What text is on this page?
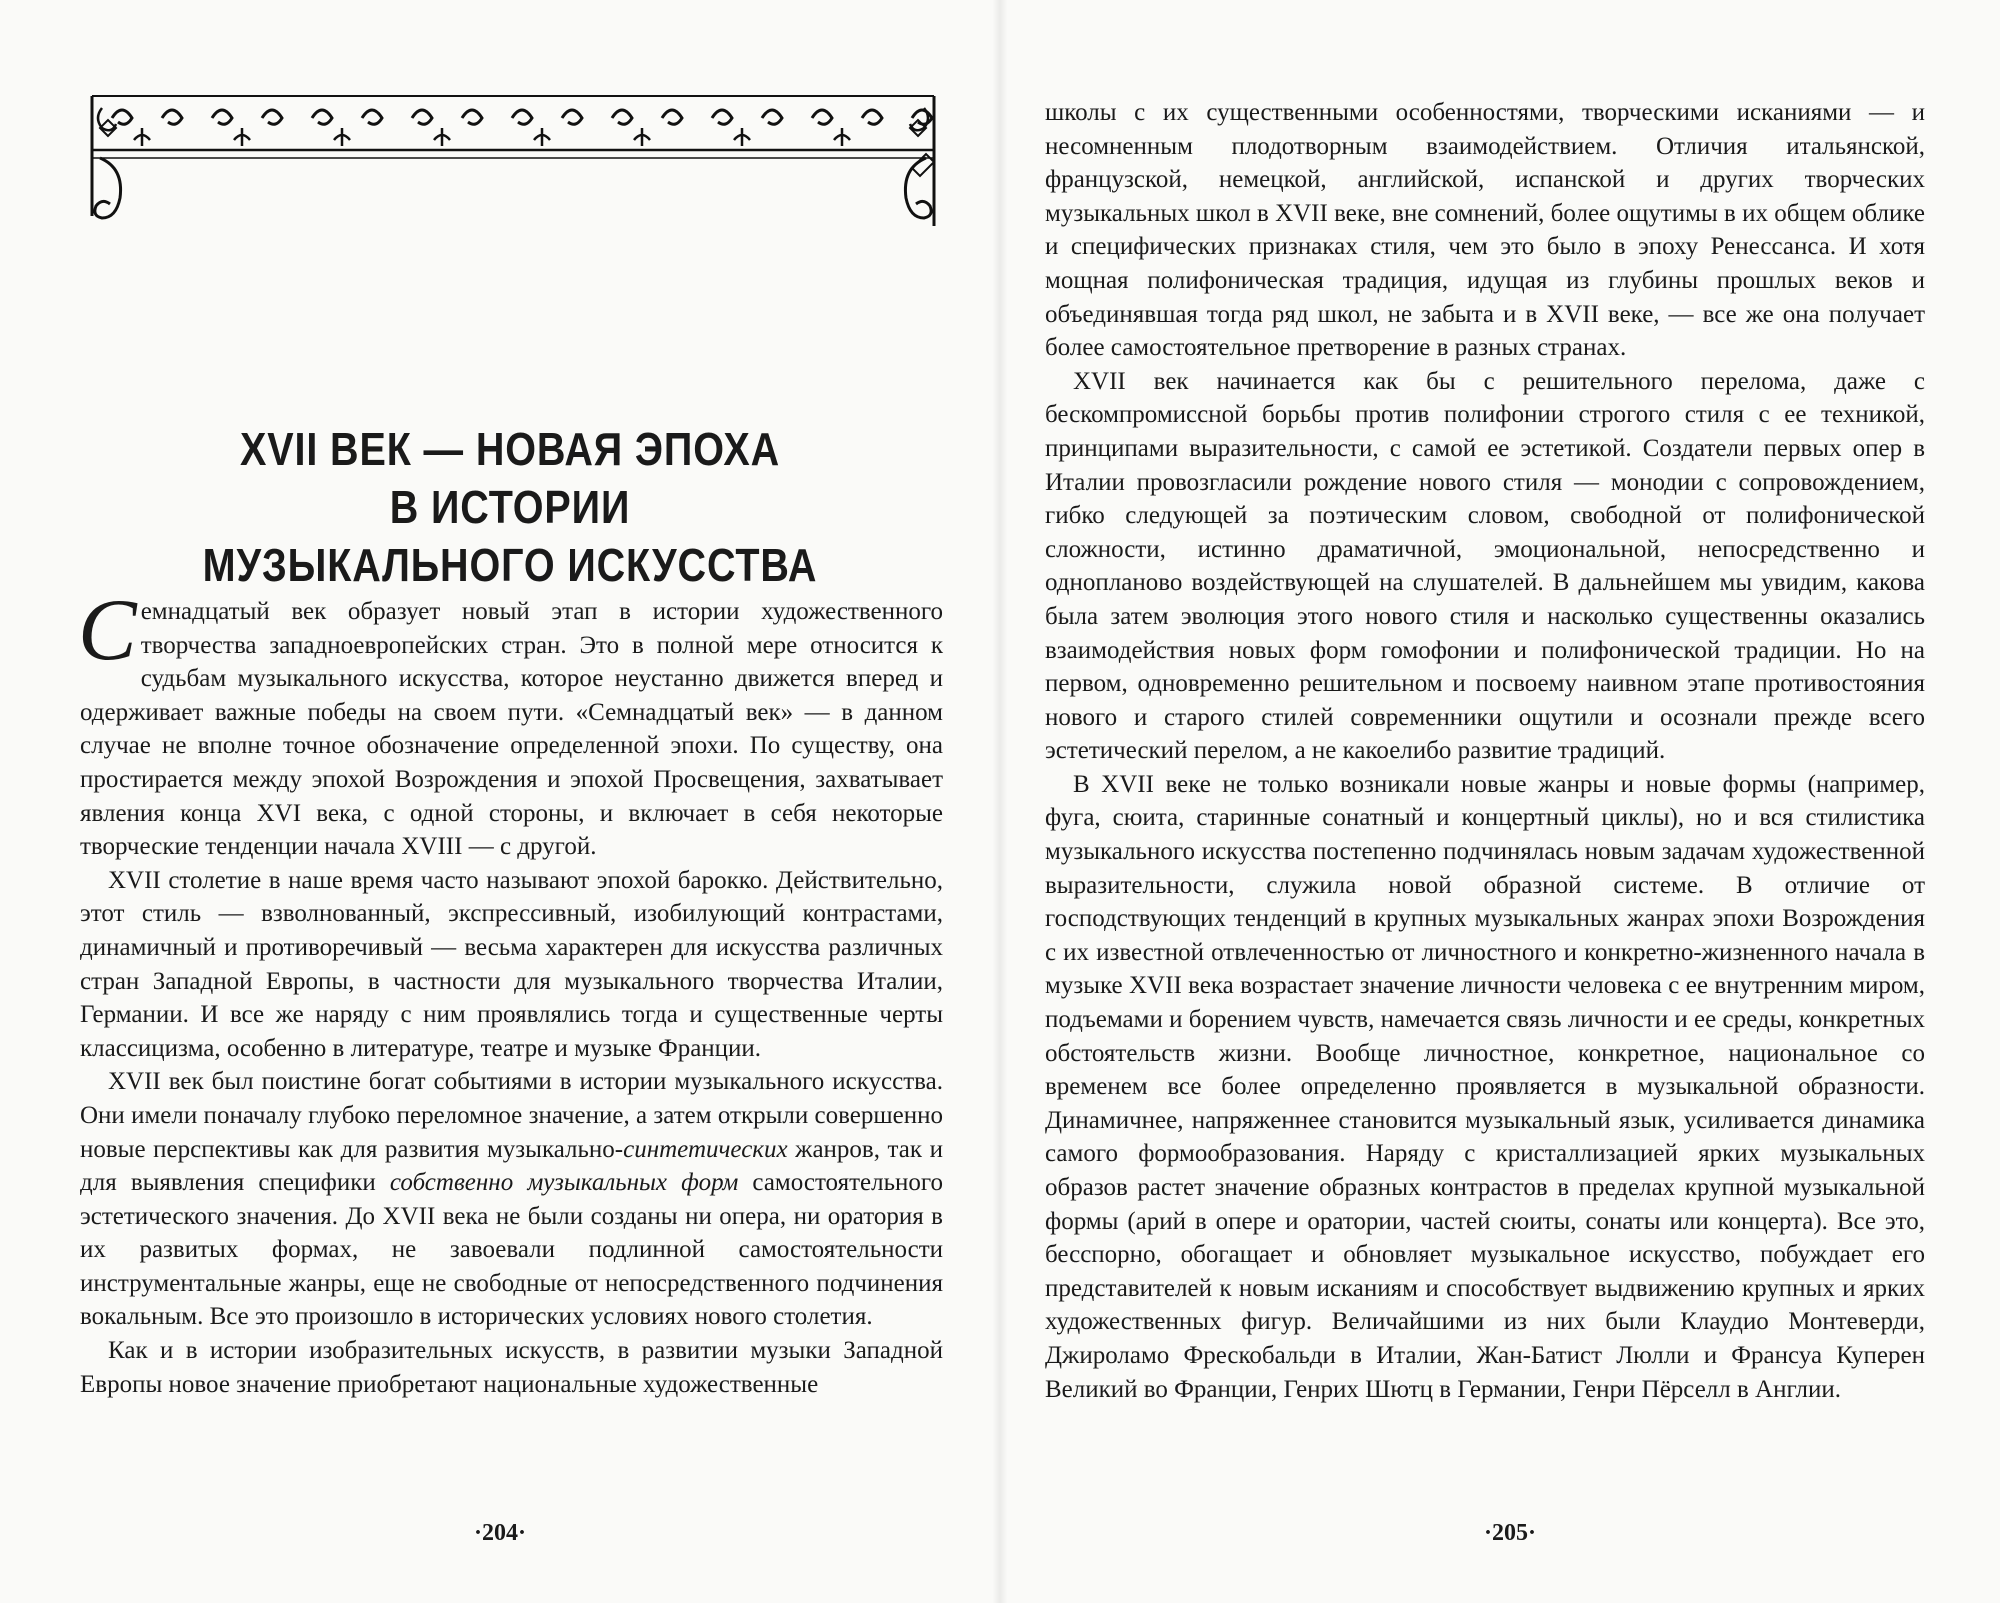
XVII ВЕК — НОВАЯ ЭПОХА
В ИСТОРИИ
МУЗЫКАЛЬНОГО ИСКУССТВА

Семнадцатый век образует новый этап в истории художественного творчества западноевропейских стран. Это в полной мере относится к судьбам музыкального искусства, которое неустанно движется вперед и одерживает важные победы на своем пути. «Семнадцатый век» — в данном случае не вполне точное обозначение определенной эпохи. По существу, она простирается между эпохой Возрождения и эпохой Просвещения, захватывает явления конца XVI века, с одной стороны, и включает в себя некоторые творческие тенденции начала XVIII — с другой.

XVII столетие в наше время часто называют эпохой барокко. Действительно, этот стиль — взволнованный, экспрессивный, изобилующий контрастами, динамичный и противоречивый — весьма характерен для искусства различных стран Западной Европы, в частности для музыкального творчества Италии, Германии. И все же наряду с ним проявлялись тогда и существенные черты классицизма, особенно в литературе, театре и музыке Франции.

XVII век был поистине богат событиями в истории музыкального искусства. Они имели поначалу глубоко переломное значение, а затем открыли совершенно новые перспективы как для развития музыкально-синтетических жанров, так и для выявления специфики собственно музыкальных форм самостоятельного эстетического значения. До XVII века не были созданы ни опера, ни оратория в их развитых формах, не завоевали подлинной самостоятельности инструментальные жанры, еще не свободные от непосредственного подчинения вокальным. Все это произошло в исторических условиях нового столетия.

Как и в истории изобразительных искусств, в развитии музыки Западной Европы новое значение приобретают национальные художественные

·204·

школы с их существенными особенностями, творческими исканиями — и несомненным плодотворным взаимодействием. Отличия итальянской, французской, немецкой, английской, испанской и других творческих музыкальных школ в XVII веке, вне сомнений, более ощутимы в их общем облике и специфических признаках стиля, чем это было в эпоху Ренессанса. И хотя мощная полифоническая традиция, идущая из глубины прошлых веков и объединявшая тогда ряд школ, не забыта и в XVII веке, — все же она получает более самостоятельное претворение в разных странах.

XVII век начинается как бы с решительного перелома, даже с бескомпромиссной борьбы против полифонии строгого стиля с ее техникой, принципами выразительности, с самой ее эстетикой. Создатели первых опер в Италии провозгласили рождение нового стиля — монодии с сопровождением, гибко следующей за поэтическим словом, свободной от полифонической сложности, истинно драматичной, эмоциональной, непосредственно и однопланово воздействующей на слушателей. В дальнейшем мы увидим, какова была затем эволюция этого нового стиля и насколько существенны оказались взаимодействия новых форм гомофонии и полифонической традиции. Но на первом, одновременно решительном и посвоему наивном этапе противостояния нового и старого стилей современники ощутили и осознали прежде всего эстетический перелом, а не какоелибо развитие традиций.

В XVII веке не только возникали новые жанры и новые формы (например, фуга, сюита, старинные сонатный и концертный циклы), но и вся стилистика музыкального искусства постепенно подчинялась новым задачам художественной выразительности, служила новой образной системе. В отличие от господствующих тенденций в крупных музыкальных жанрах эпохи Возрождения с их известной отвлеченностью от личностного и конкретно-жизненного начала в музыке XVII века возрастает значение личности человека с ее внутренним миром, подъемами и борением чувств, намечается связь личности и ее среды, конкретных обстоятельств жизни. Вообще личностное, конкретное, национальное со временем все более определенно проявляется в музыкальной образности. Динамичнее, напряженнее становится музыкальный язык, усиливается динамика самого формообразования. Наряду с кристаллизацией ярких музыкальных образов растет значение образных контрастов в пределах крупной музыкальной формы (арий в опере и оратории, частей сюиты, сонаты или концерта). Все это, бесспорно, обогащает и обновляет музыкальное искусство, побуждает его представителей к новым исканиям и способствует выдвижению крупных и ярких художественных фигур. Величайшими из них были Клаудио Монтеверди, Джироламо Фрескобальди в Италии, Жан-Батист Люлли и Франсуа Куперен Великий во Франции, Генрих Шютц в Германии, Генри Пёрселл в Англии.

·205·
